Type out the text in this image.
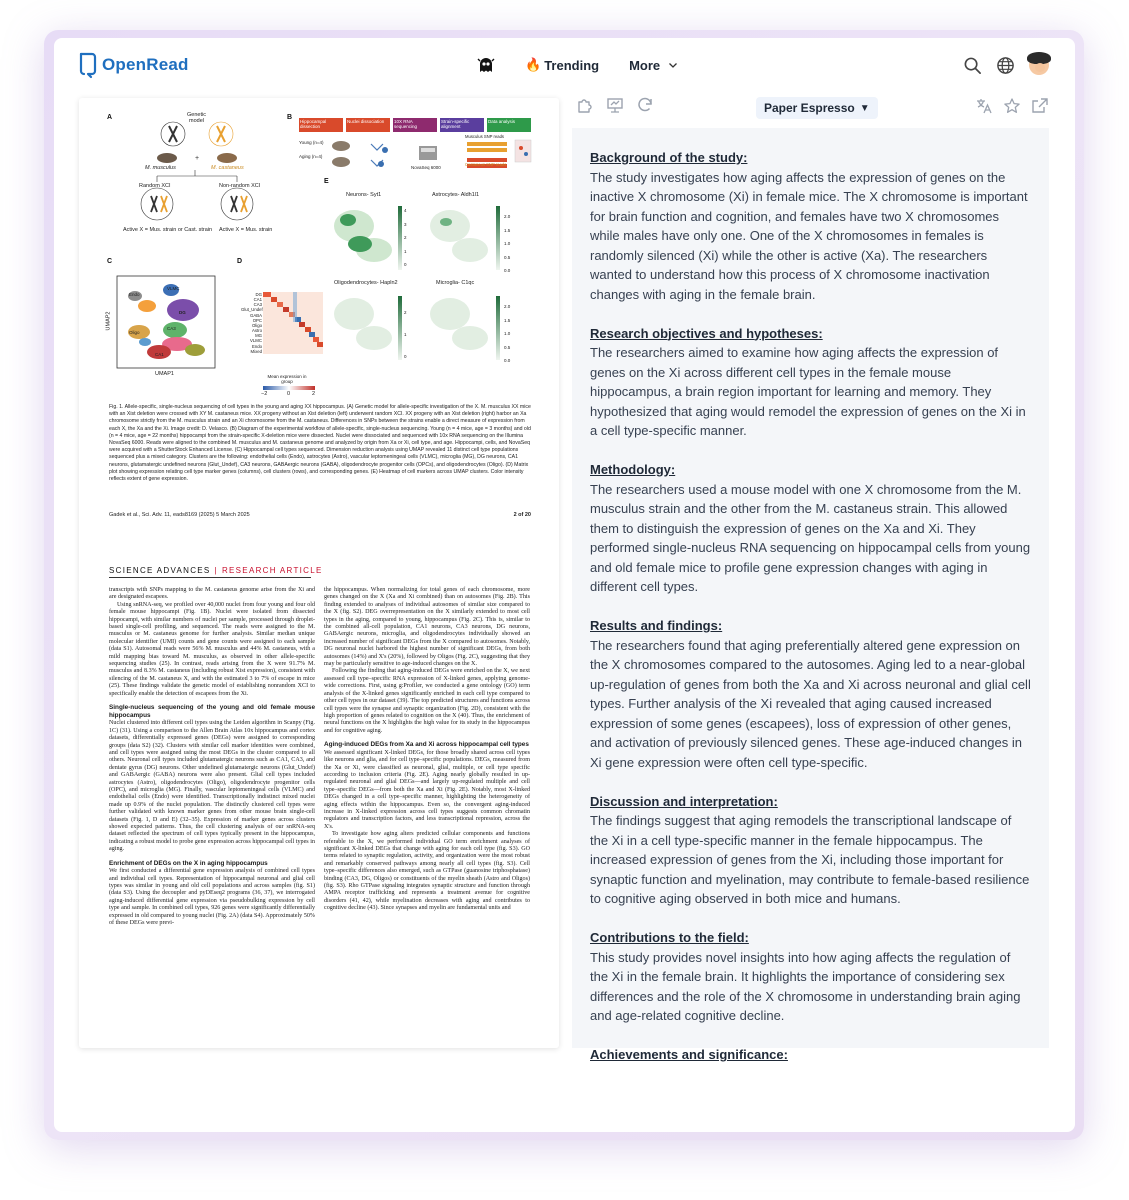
OpenRead	🔥 Trending More
A	Genetic
model
+
M. musculus	M. castaneus
Random XCI	Non-random XCI
Active X = Mus. strain or Cast. strain Active X = Mus. strain
B
Hippocampal dissection
Nuclei dissociation	10X RNA sequencing
Strain-specific alignment
Data analysis
Young (n=4)
Aging (n=4)
NovaSeq 6000
Musculus SNP reads
Castaneus SNP reads
C
Endo
VLMC
DG
Oligo
CA3
CA1
UMAP1
UMAP2
D
DG
CA1
CA3
Glut_Undef
GABA
OPC
Oligo
Astro
MG
VLMC
Endo
Mixed
Mean expression in group
−2	0	2
E
Neurons- Syt1	Astrocytes- Aldh1l1
Oligodendrocytes- Hapln2	Microglia- C1qc
4
3
2
1
0
2.0
1.5
1.0
0.5
0.0
2
1
0
2.0
1.5
1.0
0.5
0.0
Fig. 1. Allele-specific, single-nucleus sequencing of cell types in the young and aging XX hippocampus. (A) Genetic model for allele-specific investigation of the X. M. musculus XX mice with an Xist deletion were crossed with XY M. castaneus mice. XX progeny without an Xist deletion (left) underwent random XCI. XX progeny with an Xist deletion (right) harbor an Xa chromosome strictly from the M. musculus strain and an Xi chromosome from the M. castaneus. Differences in SNPs between the strains enable a direct measure of expression from each X, the Xa and the Xi. Image credit: D. Velasco. (B) Diagram of the experimental workflow of allele-specific, single-nucleus sequencing. Young (n = 4 mice, age = 3 months) and old (n = 4 mice, age = 22 months) hippocampi from the strain-specific X-deletion mice were dissected. Nuclei were dissociated and sequenced with 10x RNA sequencing on the Illumina NovaSeq 6000. Reads were aligned to the combined M. musculus and M. castaneus genome and analyzed by origin from Xa or Xi, cell type, and age. Hippocampi, cells, and NovaSeq were acquired with a ShutterStock Enhanced License. (C) Hippocampal cell types sequenced. Dimension reduction analysis using UMAP revealed 11 distinct cell type populations sequenced plus a mixed category. Clusters are the following: endothelial cells (Endo), astrocytes (Astro), vascular leptomeningeal cells (VLMC), microglia (MG), DG neurons, CA1 neurons, glutamatergic undefined neurons (Glut_Undef), CA3 neurons, GABAergic neurons (GABA), oligodendrocyte progenitor cells (OPCs), and oligodendrocytes (Oligo). (D) Matrix plot showing expression relating cell type marker genes (columns), cell clusters (rows), and corresponding genes. (E) Heatmap of cell markers across UMAP clusters. Color intensity reflects extent of gene expression.
Gadek et al., Sci. Adv. 11, eads8169 (2025) 5 March 2025	2 of 20
SCIENCE ADVANCES | RESEARCH ARTICLE

transcripts with SNPs mapping to the M. castaneus genome arise from the Xi and are designated escapees.

Using snRNA-seq, we profiled over 40,000 nuclei from four young and four old female mouse hippocampi (Fig. 1B). Nuclei were isolated from dissected hippocampi, with similar numbers of nuclei per sample, processed through droplet-based single-cell profiling, and sequenced. The reads were assigned to the M. musculus or M. castaneus genome for further analysis. Similar median unique molecular identifier (UMI) counts and gene counts were assigned to each sample (data S1). Autosomal reads were 56% M. musculus and 44% M. castaneus, with a mild mapping bias toward M. musculus, as observed in other allele-specific sequencing studies (25). In contrast, reads arising from the X were 91.7% M. musculus and 8.3% M. castaneus (including robust Xist expression), consistent with silencing of the M. castaneus X, and with the estimated 3 to 7% of escape in mice (25). These findings validate the genetic model of establishing nonrandom XCI to specifically enable the detection of escapees from the Xi.

Single-nucleus sequencing of the young and old female mouse hippocampus

Nuclei clustered into different cell types using the Leiden algorithm in Scanpy (Fig. 1C) (31). Using a comparison to the Allen Brain Atlas 10x hippocampus and cortex datasets, differentially expressed genes (DEGs) were assigned to corresponding groups (data S2) (32). Clusters with similar cell marker identities were combined, and cell types were assigned using the most DEGs in the cluster compared to all others. Neuronal cell types included glutamatergic neurons such as CA1, CA3, and dentate gyrus (DG) neurons. Other undefined glutamatergic neurons (Glut_Undef) and GABAergic (GABA) neurons were also present. Glial cell types included astrocytes (Astro), oligodendrocytes (Oligo), oligodendrocyte progenitor cells (OPC), and microglia (MG). Finally, vascular leptomeningeal cells (VLMC) and endothelial cells (Endo) were identified. Transcriptionally indistinct mixed nuclei made up 0.9% of the nuclei population. The distinctly clustered cell types were further validated with known marker genes from other mouse brain single-cell datasets (Fig. 1, D and E) (32–35). Expression of marker genes across clusters showed expected patterns. Thus, the cell clustering analysis of our snRNA-seq dataset reflected the spectrum of cell types typically present in the hippocampus, indicating a robust model to probe gene expression across hippocampal cell types in aging.

Enrichment of DEGs on the X in aging hippocampus

We first conducted a differential gene expression analysis of combined cell types and individual cell types. Representation of hippocampal neuronal and glial cell types was similar in young and old cell populations and across samples (fig. S1) (data S3). Using the decoupler and pyDEseq2 programs (36, 37), we interrogated aging-induced differential gene expression via pseudobulking expression by cell type and sample. In combined cell types, 926 genes were significantly differentially expressed in old compared to young nuclei (Fig. 2A) (data S4). Approximately 50% of these DEGs were previ-

the hippocampus. When normalizing for total genes of each chromosome, more genes changed on the X (Xa and Xi combined) than on autosomes (Fig. 2B). This finding extended to analyses of individual autosomes of similar size compared to the X (fig. S2). DEG overrepresentation on the X similarly extended to most cell types in the aging, compared to young, hippocampus (Fig. 2C). This is, similar to the combined all-cell population, CA1 neurons, CA3 neurons, DG neurons, GABAergic neurons, microglia, and oligodendrocytes individually showed an increased number of significant DEGs from the X compared to autosomes. Notably, DG neuronal nuclei harbored the highest number of significant DEGs, from both autosomes (14%) and X's (20%), followed by Oligos (Fig. 2C), suggesting that they may be particularly sensitive to age-induced changes on the X.

Following the finding that aging-induced DEGs were enriched on the X, we next assessed cell type–specific RNA expression of X-linked genes, applying genome-wide corrections. First, using g:Profiler, we conducted a gene ontology (GO) term analysis of the X-linked genes significantly enriched in each cell type compared to other cell types in our dataset (39). The top predicted structures and functions across cell types were the synapse and synaptic organization (Fig. 2D), consistent with the high proportion of genes related to cognition on the X (40). Thus, the enrichment of neural functions on the X highlights the high value for its study in the hippocampus and for cognitive aging.

Aging-induced DEGs from Xa and Xi across hippocampal cell types

We assessed significant X-linked DEGs, for those broadly shared across cell types like neurons and glia, and for cell type–specific populations. DEGs, measured from the Xa or Xi, were classified as neuronal, glial, multiple, or cell type specific according to inclusion criteria (Fig. 2E). Aging nearly globally resulted in up-regulated neuronal and glial DEGs—and largely up-regulated multiple and cell type–specific DEGs—from both the Xa and Xi (Fig. 2E). Notably, most X-linked DEGs changed in a cell type–specific manner, highlighting the heterogeneity of aging effects within the hippocampus. Even so, the convergent aging-induced increase in X-linked expression across cell types suggests common chromatin regulators and transcription factors, and less transcriptional repression, across the X's.

To investigate how aging alters predicted cellular components and functions referable to the X, we performed individual GO term enrichment analyses of significant X-linked DEGs that change with aging for each cell type (fig. S3). GO terms related to synaptic regulation, activity, and organization were the most robust and remarkably conserved pathways among nearly all cell types (fig. S3). Cell type–specific differences also emerged, such as GTPase (guanosine triphosphatase) binding (CA3, DG, Oligos) or constituents of the myelin sheath (Astro and Oligos) (fig. S3). Rho GTPase signaling integrates synaptic structure and function through AMPA receptor trafficking and represents a treatment avenue for cognitive disorders (41, 42), while myelination decreases with aging and contributes to cognitive decline (43). Since synapses and myelin are fundamental units and

Paper Espresso ▼
Background of the study:
The study investigates how aging affects the expression of genes on the inactive X chromosome (Xi) in female mice. The X chromosome is important for brain function and cognition, and females have two X chromosomes while males have only one. One of the X chromosomes in females is randomly silenced (Xi) while the other is active (Xa). The researchers wanted to understand how this process of X chromosome inactivation changes with aging in the female brain.
Research objectives and hypotheses:
The researchers aimed to examine how aging affects the expression of genes on the Xi across different cell types in the female mouse hippocampus, a brain region important for learning and memory. They hypothesized that aging would remodel the expression of genes on the Xi in a cell type-specific manner.
Methodology:
The researchers used a mouse model with one X chromosome from the M. musculus strain and the other from the M. castaneus strain. This allowed them to distinguish the expression of genes on the Xa and Xi. They performed single-nucleus RNA sequencing on hippocampal cells from young and old female mice to profile gene expression changes with aging in different cell types.
Results and findings:
The researchers found that aging preferentially altered gene expression on the X chromosomes compared to the autosomes. Aging led to a near-global up-regulation of genes from both the Xa and Xi across neuronal and glial cell types. Further analysis of the Xi revealed that aging caused increased expression of some genes (escapees), loss of expression of other genes, and activation of previously silenced genes. These age-induced changes in Xi gene expression were often cell type-specific.
Discussion and interpretation:
The findings suggest that aging remodels the transcriptional landscape of the Xi in a cell type-specific manner in the female hippocampus. The increased expression of genes from the Xi, including those important for synaptic function and myelination, may contribute to female-based resilience to cognitive aging observed in both mice and humans.
Contributions to the field:
This study provides novel insights into how aging affects the regulation of the Xi in the female brain. It highlights the importance of considering sex differences and the role of the X chromosome in understanding brain aging and age-related cognitive decline.
Achievements and significance:
